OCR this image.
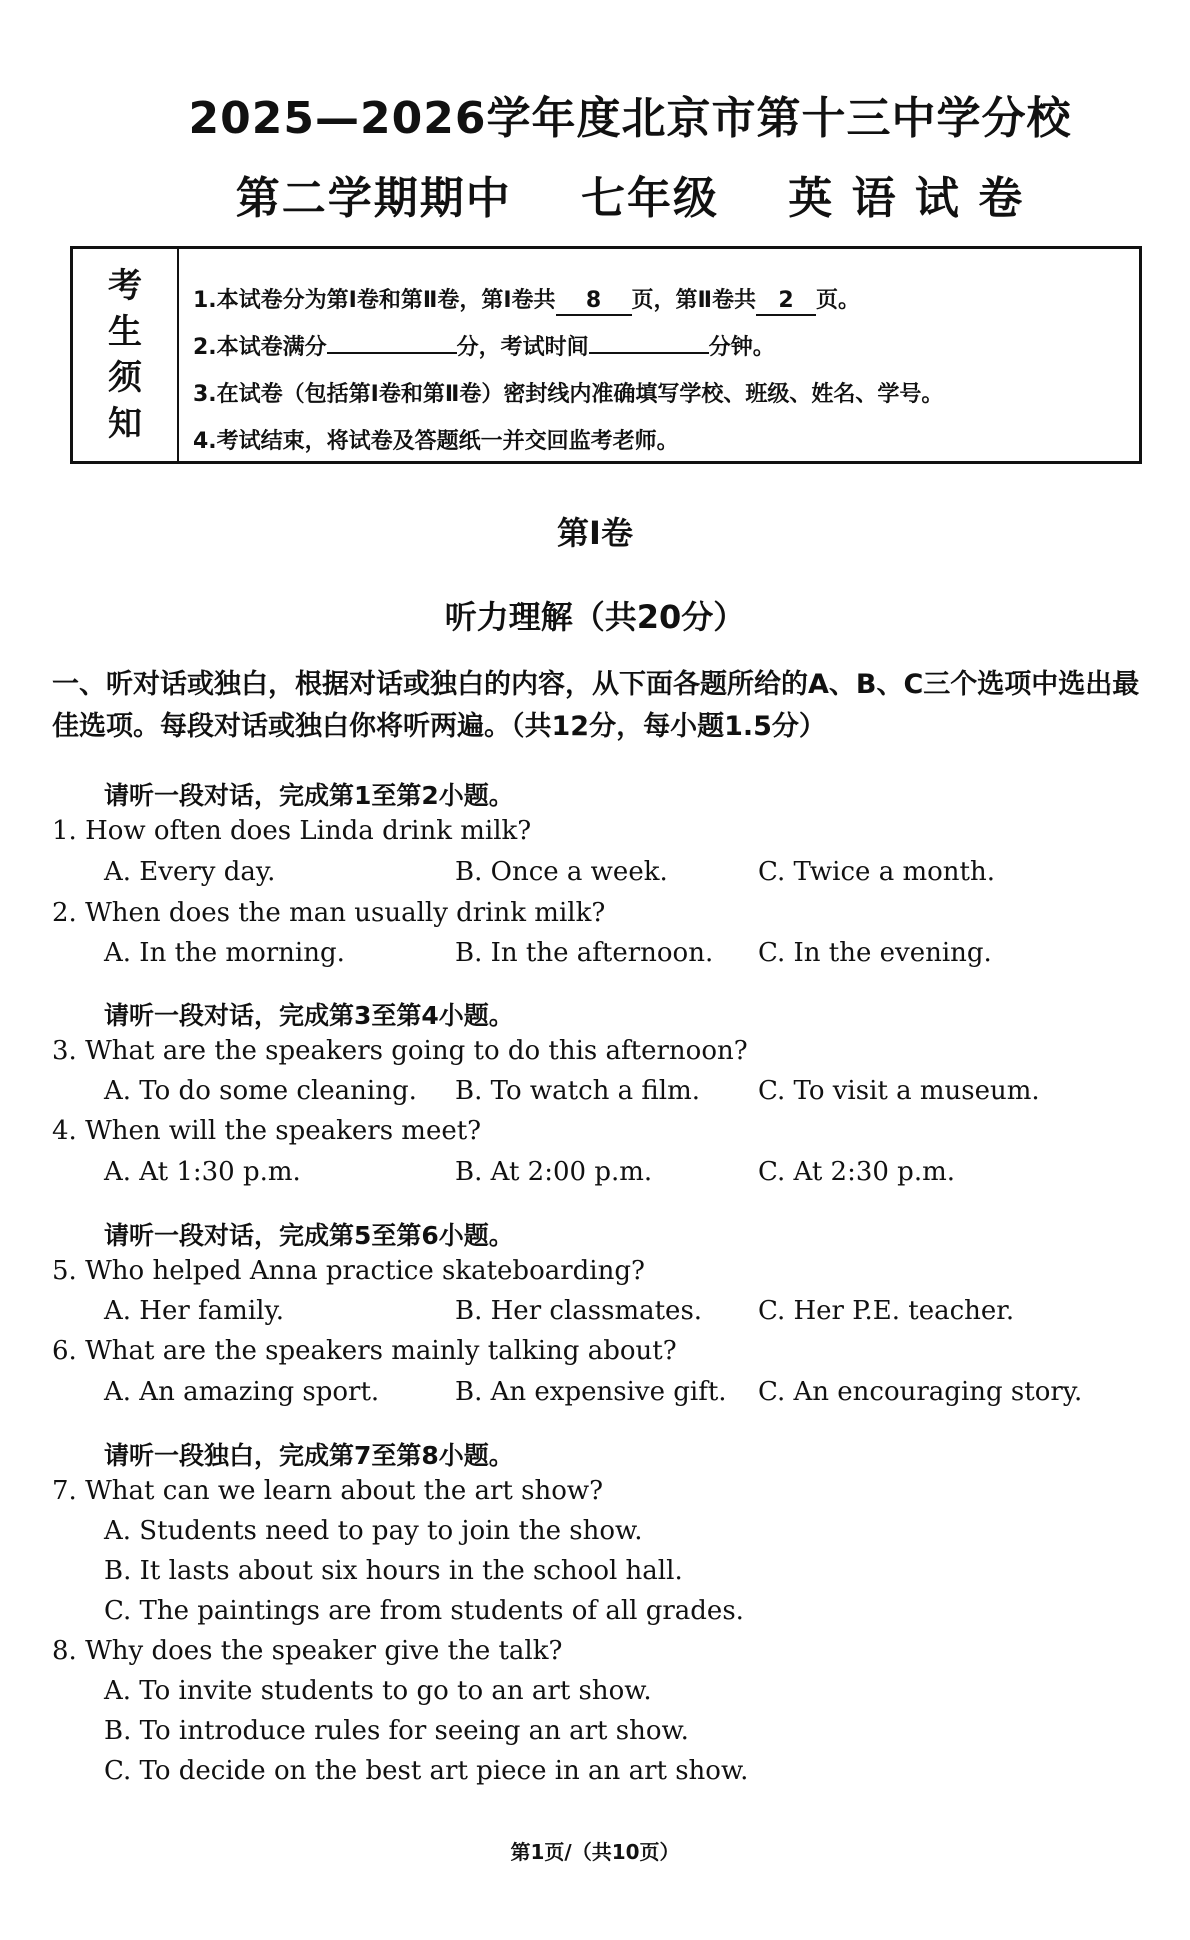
2025—2026学年度北京市第十三中学分校
第二学期期中    七年级    英 语 试 卷
考
生
须
知
1.本试卷分为第Ⅰ卷和第Ⅱ卷，第Ⅰ卷共 8 页，第Ⅱ卷共 2 页。
2.本试卷满分	分，考试时间	分钟。
3.在试卷（包括第Ⅰ卷和第Ⅱ卷）密封线内准确填写学校、班级、姓名、学号。
4.考试结束，将试卷及答题纸一并交回监考老师。
第Ⅰ卷
听力理解（共20分）
一、听对话或独白，根据对话或独白的内容，从下面各题所给的A、B、C三个选项中选出最佳选项。每段对话或独白你将听两遍。（共12分，每小题1.5分）
请听一段对话，完成第1至第2小题。
1. How often does Linda drink milk?
A. Every day.	B. Once a week.	C. Twice a month.
2. When does the man usually drink milk?
A. In the morning.	B. In the afternoon. C. In the evening.
请听一段对话，完成第3至第4小题。
3. What are the speakers going to do this afternoon?
A. To do some cleaning. B. To watch a film. C. To visit a museum.
4. When will the speakers meet?
A. At 1:30 p.m.	B. At 2:00 p.m.	C. At 2:30 p.m.
请听一段对话，完成第5至第6小题。
5. Who helped Anna practice skateboarding?
A. Her family.	B. Her classmates. C. Her P.E. teacher.
6. What are the speakers mainly talking about?
A. An amazing sport.	B. An expensive gift. C. An encouraging story.
请听一段独白，完成第7至第8小题。
7. What can we learn about the art show?
A. Students need to pay to join the show.
B. It lasts about six hours in the school hall.
C. The paintings are from students of all grades.
8. Why does the speaker give the talk?
A. To invite students to go to an art show.
B. To introduce rules for seeing an art show.
C. To decide on the best art piece in an art show.
第1页/（共10页）
